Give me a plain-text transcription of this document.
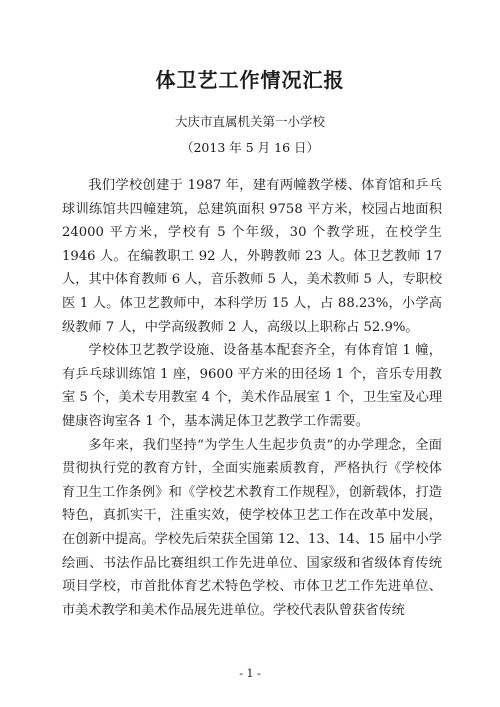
体卫艺工作情况汇报
大庆市直属机关第一小学校
（2013 年 5 月 16 日）

我们学校创建于 1987 年，建有两幢教学楼、体育馆和乒乓球训练馆共四幢建筑，总建筑面积 9758 平方米，校园占地面积 24000 平方米，学校有 5 个年级，30 个教学班，在校学生 1946 人。在编教职工 92 人，外聘教师 23 人。体卫艺教师 17 人，其中体育教师 6 人，音乐教师 5 人，美术教师 5 人，专职校医 1 人。体卫艺教师中，本科学历 15 人，占 88.23%，小学高级教师 7 人，中学高级教师 2 人，高级以上职称占 52.9%。

学校体卫艺教学设施、设备基本配套齐全，有体育馆 1 幢，有乒乓球训练馆 1 座，9600 平方米的田径场 1 个，音乐专用教室 5 个，美术专用教室 4 个，美术作品展室 1 个，卫生室及心理健康咨询室各 1 个，基本满足体卫艺教学工作需要。

多年来，我们坚持“为学生人生起步负责”的办学理念，全面贯彻执行党的教育方针，全面实施素质教育，严格执行《学校体育卫生工作条例》和《学校艺术教育工作规程》，创新载体，打造特色，真抓实干，注重实效，使学校体卫艺工作在改革中发展，在创新中提高。学校先后荣获全国第 12、13、14、15 届中小学绘画、书法作品比赛组织工作先进单位、国家级和省级体育传统项目学校，市首批体育艺术特色学校、市体卫艺工作先进单位、市美术教学和美术作品展先进单位。学校代表队曾获省传统

- 1 -
